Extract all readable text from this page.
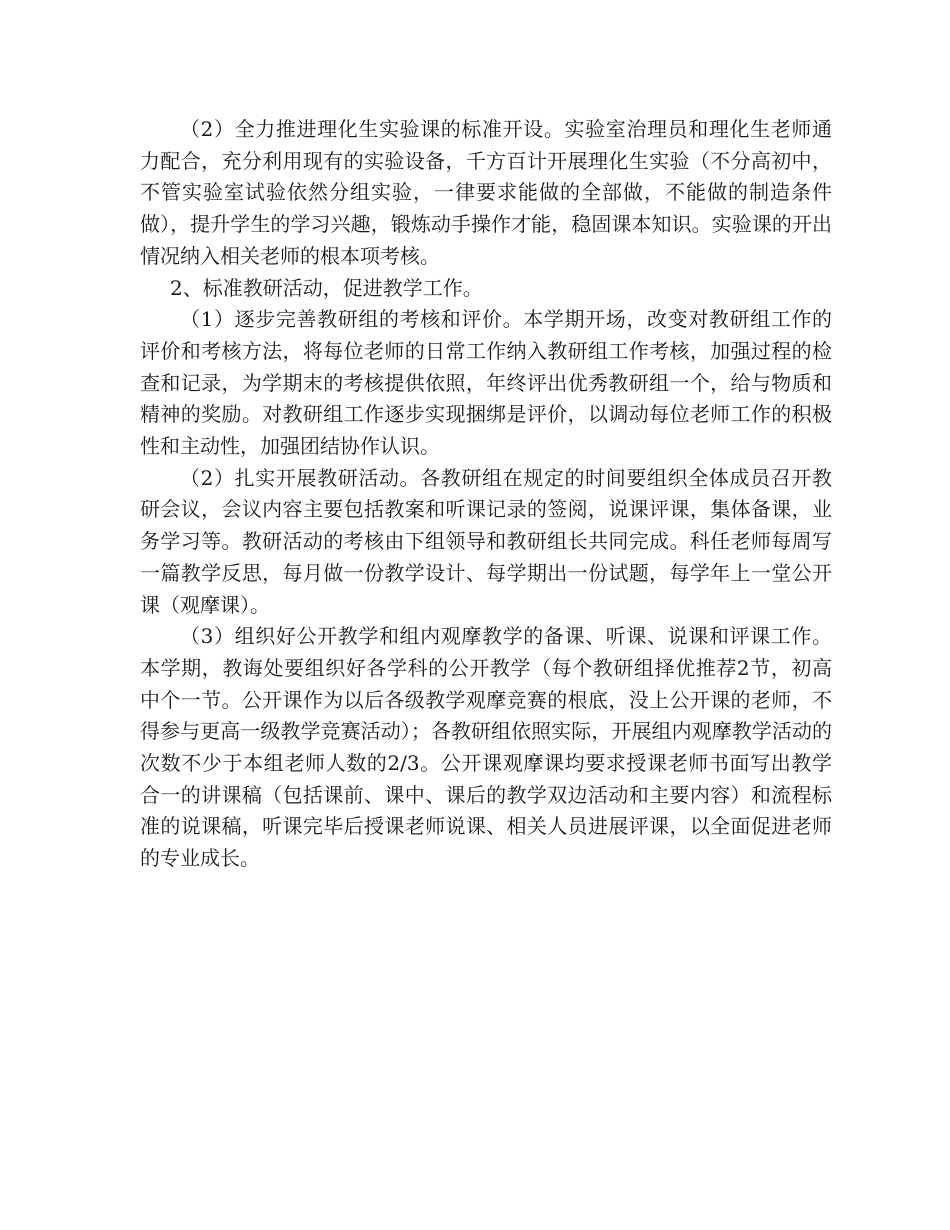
（2）全力推进理化生实验课的标准开设。实验室治理员和理化生老师通力配合，充分利用现有的实验设备，千方百计开展理化生实验（不分高初中，不管实验室试验依然分组实验，一律要求能做的全部做，不能做的制造条件做），提升学生的学习兴趣，锻炼动手操作才能，稳固课本知识。实验课的开出情况纳入相关老师的根本项考核。

2、标准教研活动，促进教学工作。

（1）逐步完善教研组的考核和评价。本学期开场，改变对教研组工作的评价和考核方法，将每位老师的日常工作纳入教研组工作考核，加强过程的检查和记录，为学期末的考核提供依照，年终评出优秀教研组一个，给与物质和精神的奖励。对教研组工作逐步实现捆绑是评价，以调动每位老师工作的积极性和主动性，加强团结协作认识。

（2）扎实开展教研活动。各教研组在规定的时间要组织全体成员召开教研会议，会议内容主要包括教案和听课记录的签阅，说课评课，集体备课，业务学习等。教研活动的考核由下组领导和教研组长共同完成。科任老师每周写一篇教学反思，每月做一份教学设计、每学期出一份试题，每学年上一堂公开课（观摩课）。

（3）组织好公开教学和组内观摩教学的备课、听课、说课和评课工作。本学期，教诲处要组织好各学科的公开教学（每个教研组择优推荐2节，初高中个一节。公开课作为以后各级教学观摩竞赛的根底，没上公开课的老师，不得参与更高一级教学竞赛活动）；各教研组依照实际，开展组内观摩教学活动的次数不少于本组老师人数的2/3。公开课观摩课均要求授课老师书面写出教学合一的讲课稿（包括课前、课中、课后的教学双边活动和主要内容）和流程标准的说课稿，听课完毕后授课老师说课、相关人员进展评课，以全面促进老师的专业成长。
